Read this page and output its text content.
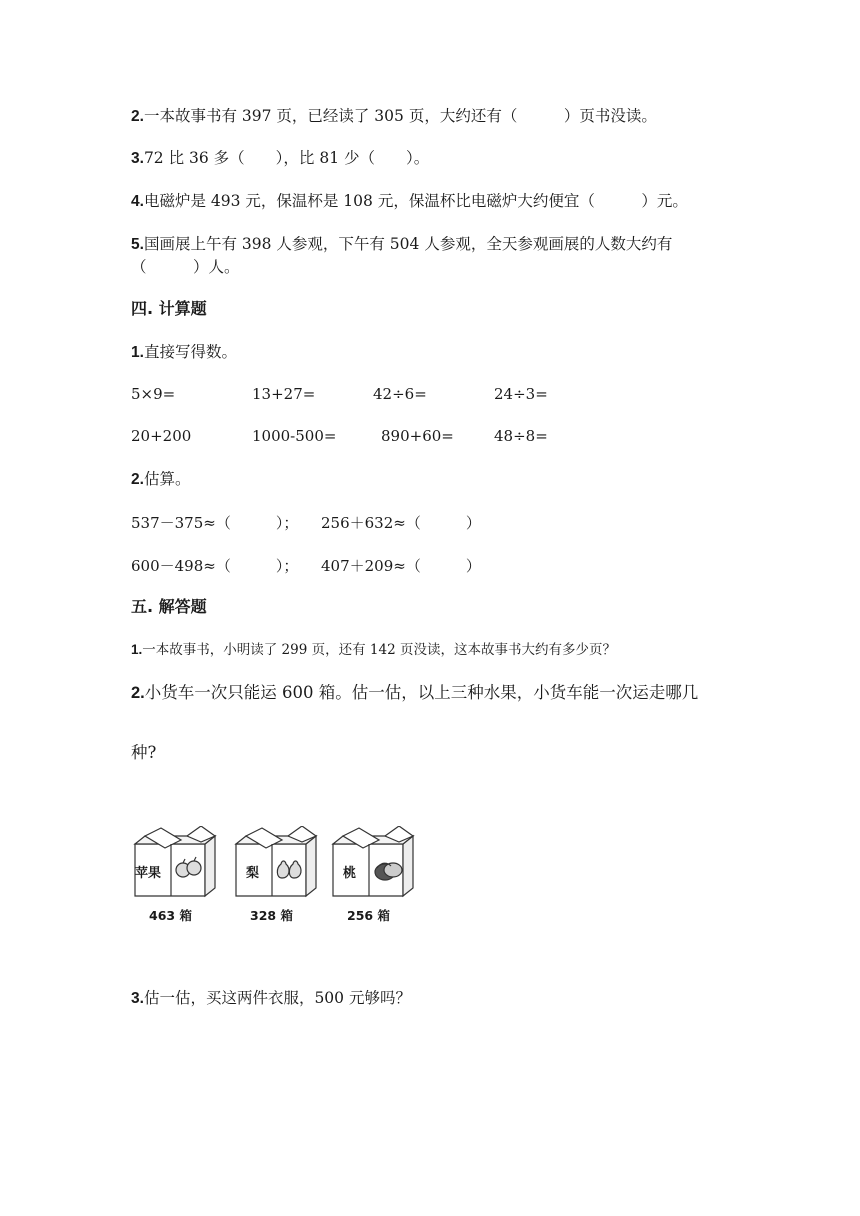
2.一本故事书有 397 页，已经读了 305 页，大约还有（　　　）页书没读。
3.72 比 36 多（　　），比 81 少（　　）。
4.电磁炉是 493 元，保温杯是 108 元，保温杯比电磁炉大约便宜（　　　）元。
5.国画展上午有 398 人参观，下午有 504 人参观，全天参观画展的人数大约有
（　　　）人。
四. 计算题
1.直接写得数。
5×9=	13+27=	42÷6=	24÷3=
20+200	1000-500=	890+60=	48÷8=
2.估算。
537－375≈（　　　）； 256＋632≈（　　　）
600－498≈（　　　）； 407＋209≈（　　　）
五. 解答题
1.一本故事书，小明读了 299 页，还有 142 页没读，这本故事书大约有多少页？
2.小货车一次只能运 600 箱。估一估，以上三种水果，小货车能一次运走哪几
种?
苹果
463 箱
梨
328 箱
桃
256 箱
3.估一估，买这两件衣服，500 元够吗？
